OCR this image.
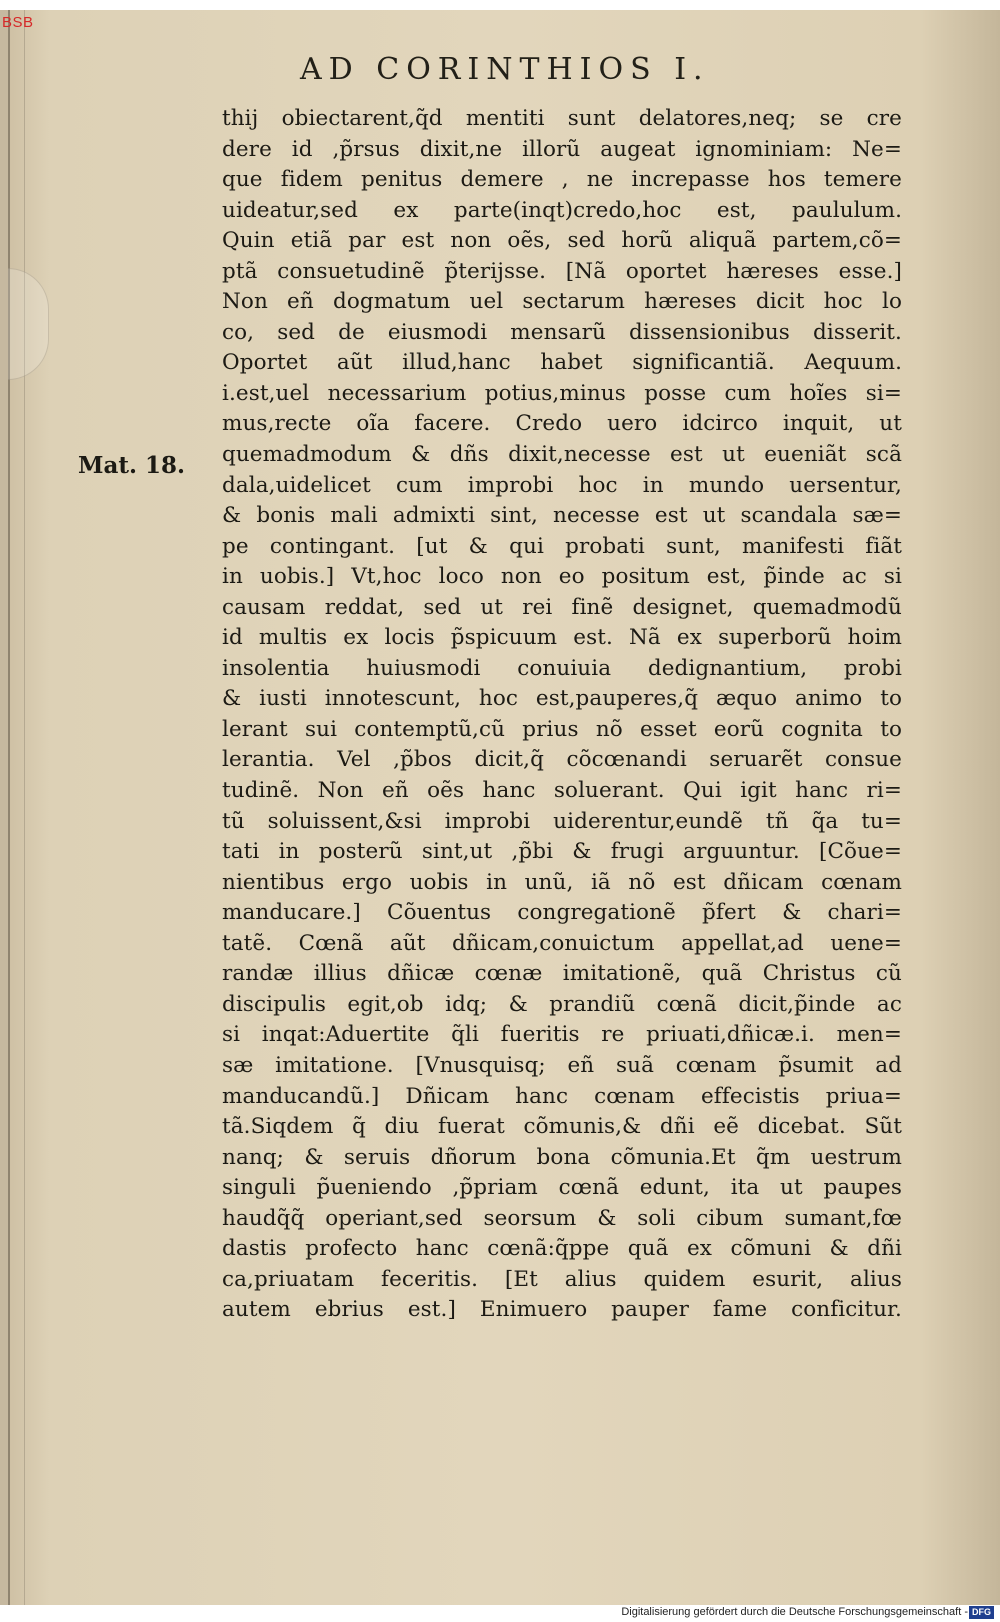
BSB
AD CORINTHIOS I.
Mat. 18.
thij obiectarent,q̃d mentiti sunt delatores,neq; se cre
dere id ,p̃rsus dixit,ne illorũ augeat ignominiam: Ne=
que fidem penitus demere , ne increpasse hos temere
uideatur,sed ex parte(inqt)credo,hoc est, paululum.
Quin etiã par est non oẽs, sed horũ aliquã partem,cõ=
ptã consuetudinẽ p̃terijsse. [Nã oportet hæreses esse.]
Non eñ dogmatum uel sectarum hæreses dicit hoc lo
co, sed de eiusmodi mensarũ dissensionibus disserit.
Oportet aũt illud,hanc habet significantiã. Aequum.
i.est,uel necessarium potius,minus posse cum hoĩes si=
mus,recte oĩa facere. Credo uero idcirco inquit, ut
quemadmodum & dñs dixit,necesse est ut eueniãt scã
dala,uidelicet cum improbi hoc in mundo uersentur,
& bonis mali admixti sint, necesse est ut scandala sæ=
pe contingant. [ut & qui probati sunt, manifesti fiãt
in uobis.] Vt,hoc loco non eo positum est, p̃inde ac si
causam reddat, sed ut rei finẽ designet, quemadmodũ
id multis ex locis p̃spicuum est. Nã ex superborũ hoim
insolentia huiusmodi conuiuia dedignantium, probi
& iusti innotescunt, hoc est,pauperes,q̃ æquo animo to
lerant sui contemptũ,cũ prius nõ esset eorũ cognita to
lerantia. Vel ,p̃bos dicit,q̃ cõcœnandi seruarẽt consue
tudinẽ. Non eñ oẽs hanc soluerant. Qui igit hanc ri=
tũ soluissent,&si improbi uiderentur,eundẽ tñ q̃a tu=
tati in posterũ sint,ut ,p̃bi & frugi arguuntur. [Cõue=
nientibus ergo uobis in unũ, iã nõ est dñicam cœnam
manducare.] Cõuentus congregationẽ p̃fert & chari=
tatẽ. Cœnã aũt dñicam,conuictum appellat,ad uene=
randæ illius dñicæ cœnæ imitationẽ, quã Christus cũ
discipulis egit,ob idq; & prandiũ cœnã dicit,p̃inde ac
si inqat:Aduertite q̃li fueritis re priuati,dñicæ.i. men=
sæ imitatione. [Vnusquisq; eñ suã cœnam p̃sumit ad
manducandũ.] Dñicam hanc cœnam effecistis priua=
tã.Siqdem q̃ diu fuerat cõmunis,& dñi eẽ dicebat. Sũt
nanq; & seruis dñorum bona cõmunia.Et q̃m uestrum
singuli p̃ueniendo ,p̃priam cœnã edunt, ita ut paupes
haudq̃q̃ operiant,sed seorsum & soli cibum sumant,fœ
dastis profecto hanc cœnã:q̃ppe quã ex cõmuni & dñi
ca,priuatam feceritis. [Et alius quidem esurit, alius
autem ebrius est.] Enimuero pauper fame conficitur.
Digitalisierung gefördert durch die Deutsche Forschungsgemeinschaft - DFG
